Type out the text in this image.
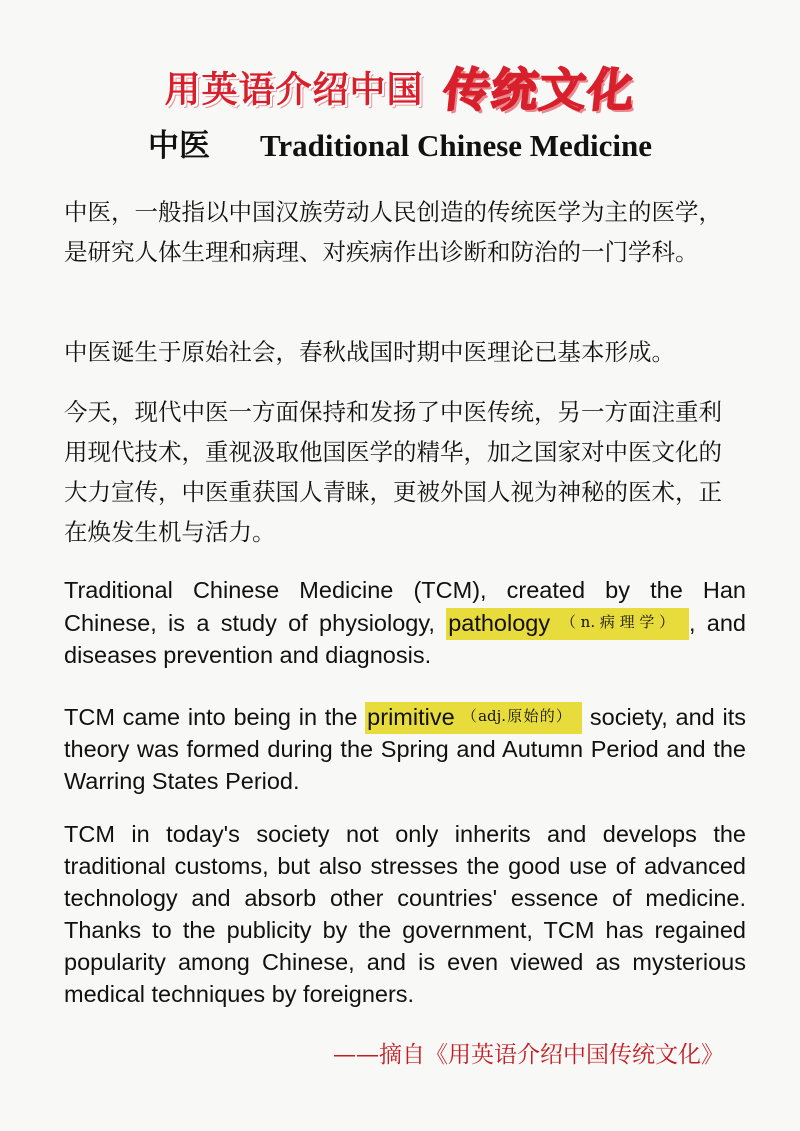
用英语介绍中国 传统文化
中医 Traditional Chinese Medicine

中医，一般指以中国汉族劳动人民创造的传统医学为主的医学，是研究人体生理和病理、对疾病作出诊断和防治的一门学科。

中医诞生于原始社会，春秋战国时期中医理论已基本形成。

今天，现代中医一方面保持和发扬了中医传统，另一方面注重利用现代技术，重视汲取他国医学的精华，加之国家对中医文化的大力宣传，中医重获国人青睐，更被外国人视为神秘的医术，正在焕发生机与活力。

Traditional Chinese Medicine (TCM), created by the Han Chinese, is a study of physiology, pathology （n.病理学） , and diseases prevention and diagnosis.

TCM came into being in the primitive （adj.原始的） society, and its theory was formed during the Spring and Autumn Period and the Warring States Period.

TCM in today's society not only inherits and develops the traditional customs, but also stresses the good use of advanced technology and absorb other countries' essence of medicine. Thanks to the publicity by the government, TCM has regained popularity among Chinese, and is even viewed as mysterious medical techniques by foreigners.

——摘自《用英语介绍中国传统文化》
